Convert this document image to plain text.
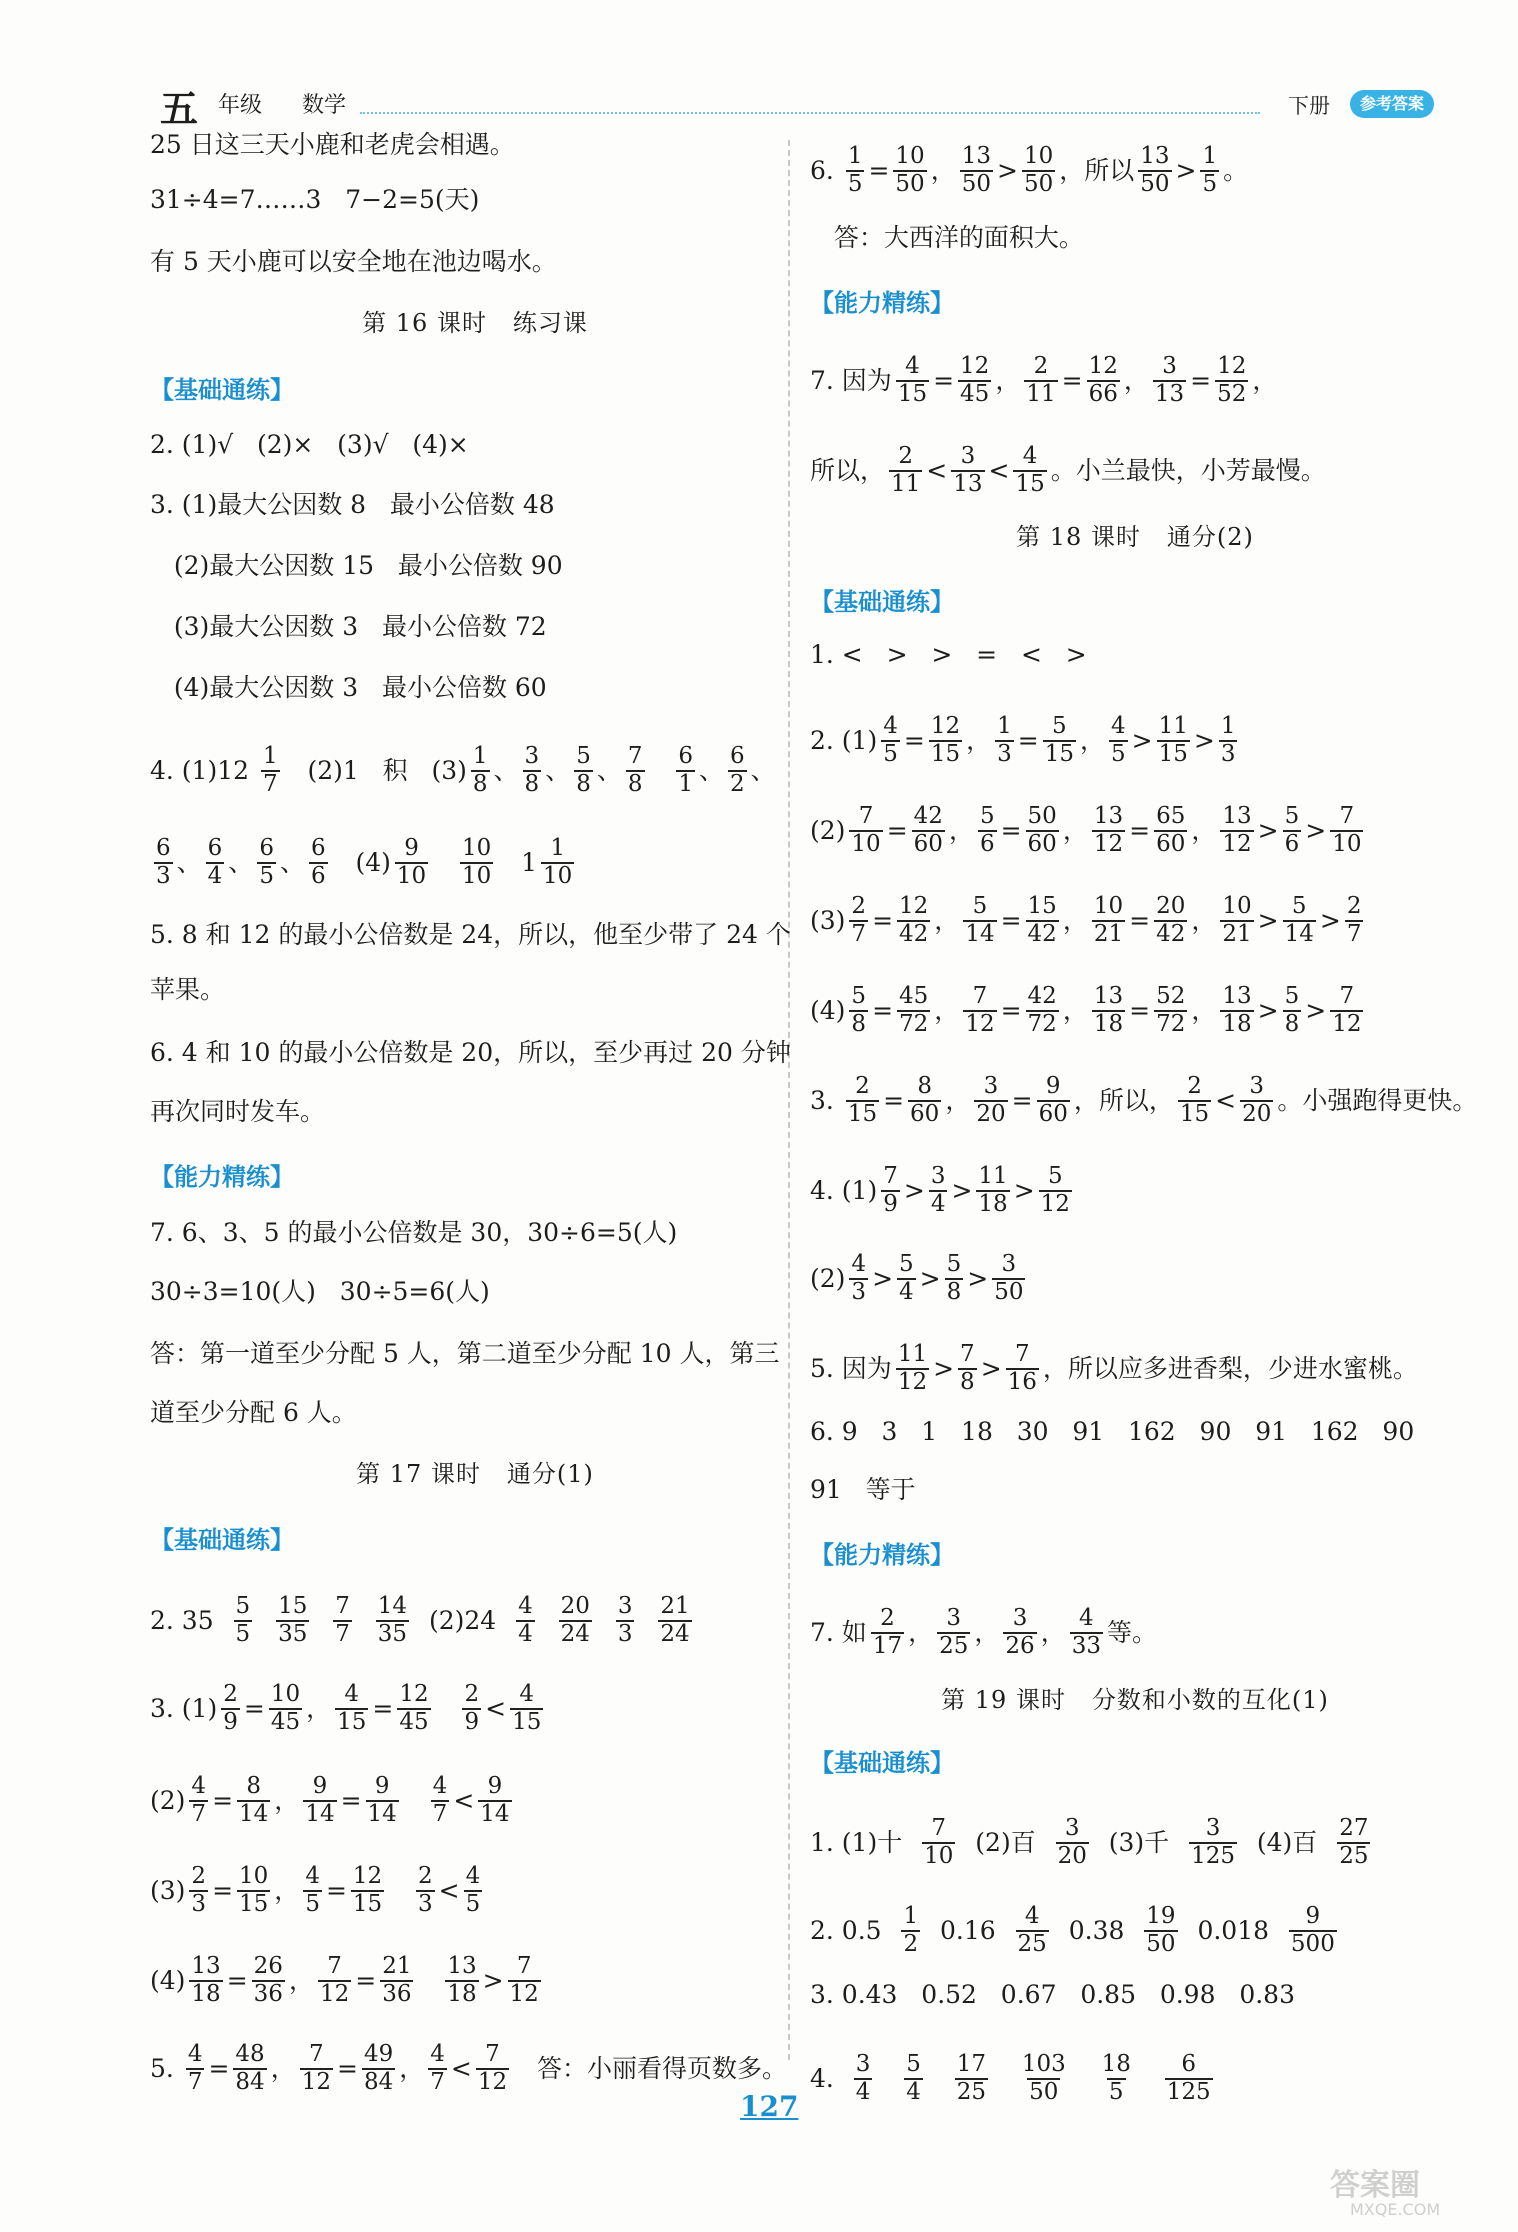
五 年级 数学	下册	参考答案
25 日这三天小鹿和老虎会相遇。
31÷4=7……3   7−2=5(天)
有 5 天小鹿可以安全地在池边喝水。
第 16 课时   练习课
【基础通练】
2. (1)√   (2)×   (3)√   (4)×
3. (1)最大公因数 8   最小公倍数 48
(2)最大公因数 15   最小公倍数 90
(3)最大公因数 3   最小公倍数 72
(4)最大公因数 3   最小公倍数 60
4. $(1)12 \frac{1}{7} (2)1$   积   $(3) \frac{1}{8}$ 、 $\frac{3}{8}$ 、 $\frac{5}{8}$ 、 $\frac{7}{8}$
$\frac{6}{1}$ 、 $\frac{6}{2}$ 、
$\frac{6}{3}$ 、 $\frac{6}{4}$ 、 $\frac{6}{5}$ 、 $\frac{6}{6} (4) \frac{9}{10}$
$\frac{10}{10} 1 \frac{1}{10}$
5. 8 和 12 的最小公倍数是 24，所以，他至少带了 24 个
苹果。
6. 4 和 10 的最小公倍数是 20，所以，至少再过 20 分钟
再次同时发车。
【能力精练】
7. 6、3、5 的最小公倍数是 30，30÷6=5(人)
30÷3=10(人)   30÷5=6(人)
答：第一道至少分配 5 人，第二道至少分配 10 人，第三
道至少分配 6 人。
第 17 课时   通分(1)
【基础通练】
2. $35 \frac{5}{5}$
$\frac{15}{35}$
$\frac{7}{7}$
$\frac{14}{35} (2)24 \frac{4}{4}$
$\frac{20}{24}$
$\frac{3}{3}$
$\frac{21}{24}$
3. $(1) \frac{2}{9} = \frac{10}{45}$ ， $\frac{4}{15} = \frac{12}{45}$
$\frac{2}{9} < \frac{4}{15}$
$(2) \frac{4}{7} = \frac{8}{14}$ ， $\frac{9}{14} = \frac{9}{14}$
$\frac{4}{7} < \frac{9}{14}$
$(3) \frac{2}{3} = \frac{10}{15}$ ， $\frac{4}{5} = \frac{12}{15}$
$\frac{2}{3} < \frac{4}{5}$
$(4) \frac{13}{18} = \frac{26}{36}$ ， $\frac{7}{12} = \frac{21}{36}$
$\frac{13}{18} > \frac{7}{12}$
5. $\frac{4}{7} = \frac{48}{84}$ ， $\frac{7}{12} = \frac{49}{84}$ ， $\frac{4}{7} < \frac{7}{12}$ 答：小丽看得页数多。
6. $\frac{1}{5} = \frac{10}{50}$ ， $\frac{13}{50} > \frac{10}{50}$ ，所以 $\frac{13}{50} > \frac{1}{5}$ 。
答：大西洋的面积大。
【能力精练】
7. 因为 $\frac{4}{15} = \frac{12}{45}$ ， $\frac{2}{11} = \frac{12}{66}$ ， $\frac{3}{13} = \frac{12}{52}$ ，
所以， $\frac{2}{11} < \frac{3}{13} < \frac{4}{15}$ 。小兰最快，小芳最慢。
第 18 课时   通分(2)
【基础通练】
1. <   >   >   =   <   >
2. $(1) \frac{4}{5} = \frac{12}{15}$ ， $\frac{1}{3} = \frac{5}{15}$ ， $\frac{4}{5} > \frac{11}{15} > \frac{1}{3}$
$(2) \frac{7}{10} = \frac{42}{60}$ ， $\frac{5}{6} = \frac{50}{60}$ ， $\frac{13}{12} = \frac{65}{60}$ ， $\frac{13}{12} > \frac{5}{6} > \frac{7}{10}$
$(3) \frac{2}{7} = \frac{12}{42}$ ， $\frac{5}{14} = \frac{15}{42}$ ， $\frac{10}{21} = \frac{20}{42}$ ， $\frac{10}{21} > \frac{5}{14} > \frac{2}{7}$
$(4) \frac{5}{8} = \frac{45}{72}$ ， $\frac{7}{12} = \frac{42}{72}$ ， $\frac{13}{18} = \frac{52}{72}$ ， $\frac{13}{18} > \frac{5}{8} > \frac{7}{12}$
3. $\frac{2}{15} = \frac{8}{60}$ ， $\frac{3}{20} = \frac{9}{60}$ ，所以， $\frac{2}{15} < \frac{3}{20}$ 。小强跑得更快。
4. $(1) \frac{7}{9} > \frac{3}{4} > \frac{11}{18} > \frac{5}{12}$
$(2) \frac{4}{3} > \frac{5}{4} > \frac{5}{8} > \frac{3}{50}$
5. 因为 $\frac{11}{12} > \frac{7}{8} > \frac{7}{16}$ ，所以应多进香梨，少进水蜜桃。
6. 9   3   1   18   30   91   162   90   91   162   90
91   等于
【能力精练】
7. 如 $\frac{2}{17}$ ， $\frac{3}{25}$ ， $\frac{3}{26}$ ， $\frac{4}{33}$ 等。
第 19 课时   分数和小数的互化(1)
【基础通练】
1. (1)十 $\frac{7}{10} (2)$百 $\frac{3}{20} (3)$千 $\frac{3}{125} (4)$百 $\frac{27}{25}$
2. $0.5 \frac{1}{2} 0.16 \frac{4}{25} 0.38 \frac{19}{50} 0.018 \frac{9}{500}$
3. 0.43   0.52   0.67   0.85   0.98   0.83
4. $\frac{3}{4}$
$\frac{5}{4}$
$\frac{17}{25}$
$\frac{103}{50}$
$\frac{18}{5}$
$\frac{6}{125}$
127
答案圈
MXQE.COM
